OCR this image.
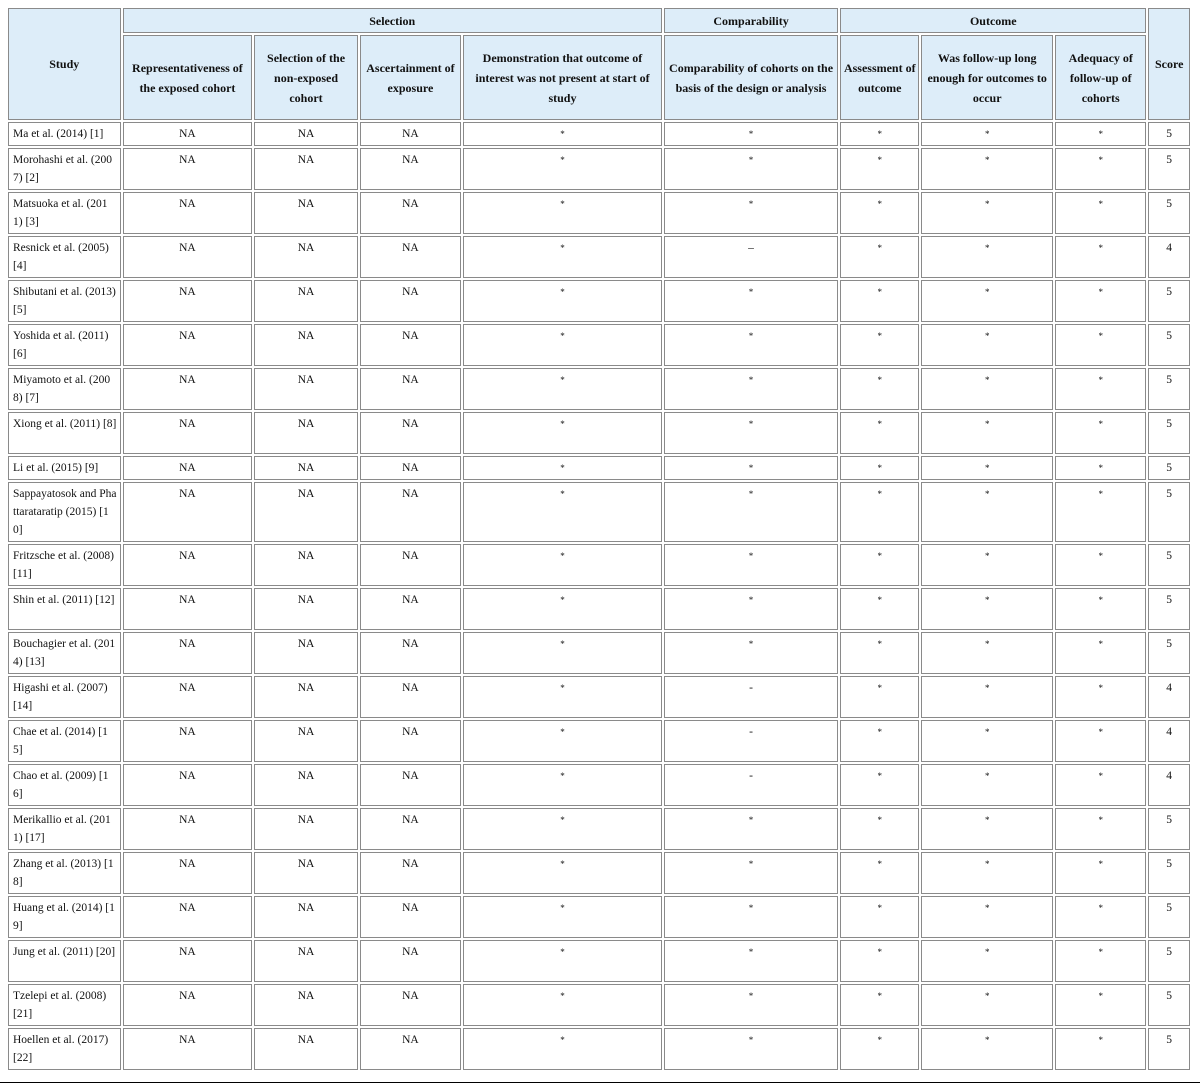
Study	Selection				Comparability	Outcome			Score
	Representativeness of the exposed cohort	Selection of the non-exposed cohort	Ascertainment of exposure	Demonstration that outcome of interest was not present at start of study	Comparability of cohorts on the basis of the design or analysis	Assessment of outcome	Was follow-up long enough for outcomes to occur	Adequacy of follow-up of cohorts	
Ma et al. (2014) [1]	NA	NA	NA	*	*	*	*	*	5
Morohashi et al. (2007) [2]	NA	NA	NA	*	*	*	*	*	5
Matsuoka et al. (2011) [3]	NA	NA	NA	*	*	*	*	*	5
Resnick et al. (2005) [4]	NA	NA	NA	*	–	*	*	*	4
Shibutani et al. (2013) [5]	NA	NA	NA	*	*	*	*	*	5
Yoshida et al. (2011) [6]	NA	NA	NA	*	*	*	*	*	5
Miyamoto et al. (2008) [7]	NA	NA	NA	*	*	*	*	*	5
Xiong et al. (2011) [8]	NA	NA	NA	*	*	*	*	*	5
Li et al. (2015) [9]	NA	NA	NA	*	*	*	*	*	5
Sappayatosok and Phattarataratip (2015) [10]	NA	NA	NA	*	*	*	*	*	5
Fritzsche et al. (2008) [11]	NA	NA	NA	*	*	*	*	*	5
Shin et al. (2011) [12]	NA	NA	NA	*	*	*	*	*	5
Bouchagier et al. (2014) [13]	NA	NA	NA	*	*	*	*	*	5
Higashi et al. (2007) [14]	NA	NA	NA	*	-	*	*	*	4
Chae et al. (2014) [15]	NA	NA	NA	*	-	*	*	*	4
Chao et al. (2009) [16]	NA	NA	NA	*	-	*	*	*	4
Merikallio et al. (2011) [17]	NA	NA	NA	*	*	*	*	*	5
Zhang et al. (2013) [18]	NA	NA	NA	*	*	*	*	*	5
Huang et al. (2014) [19]	NA	NA	NA	*	*	*	*	*	5
Jung et al. (2011) [20]	NA	NA	NA	*	*	*	*	*	5
Tzelepi et al. (2008) [21]	NA	NA	NA	*	*	*	*	*	5
Hoellen et al. (2017) [22]	NA	NA	NA	*	*	*	*	*	5
